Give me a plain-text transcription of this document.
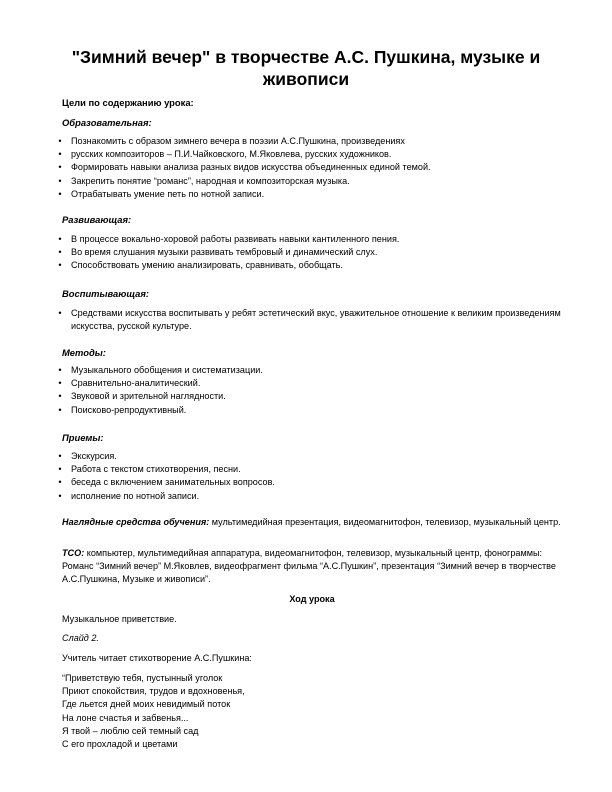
"Зимний вечер" в творчестве А.С. Пушкина, музыке и живописи
Цели по содержанию урока:
Образовательная:
• Познакомить с образом зимнего вечера в поэзии А.С.Пушкина, произведениях
• русских композиторов – П.И.Чайковского, М.Яковлева, русских художников.
• Формировать навыки анализа разных видов искусства объединенных единой темой.
• Закрепить понятие “романс”, народная и композиторская музыка.
• Отрабатывать умение петь по нотной записи.
Развивающая:
• В процессе вокально-хоровой работы развивать навыки кантиленного пения.
• Во время слушания музыки развивать тембровый и динамический слух.
• Способствовать умению анализировать, сравнивать, обобщать.
Воспитывающая:
• Средствами искусства воспитывать у ребят эстетический вкус, уважительное отношение к великим произведениям искусства, русской культуре.
Методы:
• Музыкального обобщения и систематизации.
• Сравнительно-аналитический.
• Звуковой и зрительной наглядности.
• Поисково-репродуктивный.
Приемы:
• Экскурсия.
• Работа с текстом стихотворения, песни.
• беседа с включением занимательных вопросов.
• исполнение по нотной записи.
Наглядные средства обучения: мультимедийная презентация, видеомагнитофон, телевизор, музыкальный центр.
ТСО: компьютер, мультимедийная аппаратура, видеомагнитофон, телевизор, музыкальный центр, фонограммы: Романс “Зимний вечер” М.Яковлев, видеофрагмент фильма “А.С.Пушкин”, презентация “Зимний вечер в творчестве А.С.Пушкина, Музыке и живописи”.
Ход урока
Музыкальное приветствие.
Слайд 2.
Учитель читает стихотворение А.С.Пушкина:
“Приветствую тебя, пустынный уголок
Приют спокойствия, трудов и вдохновенья,
Где льется дней моих невидимый поток
На лоне счастья и забвенья...
Я твой – люблю сей темный сад
С его прохладой и цветами
